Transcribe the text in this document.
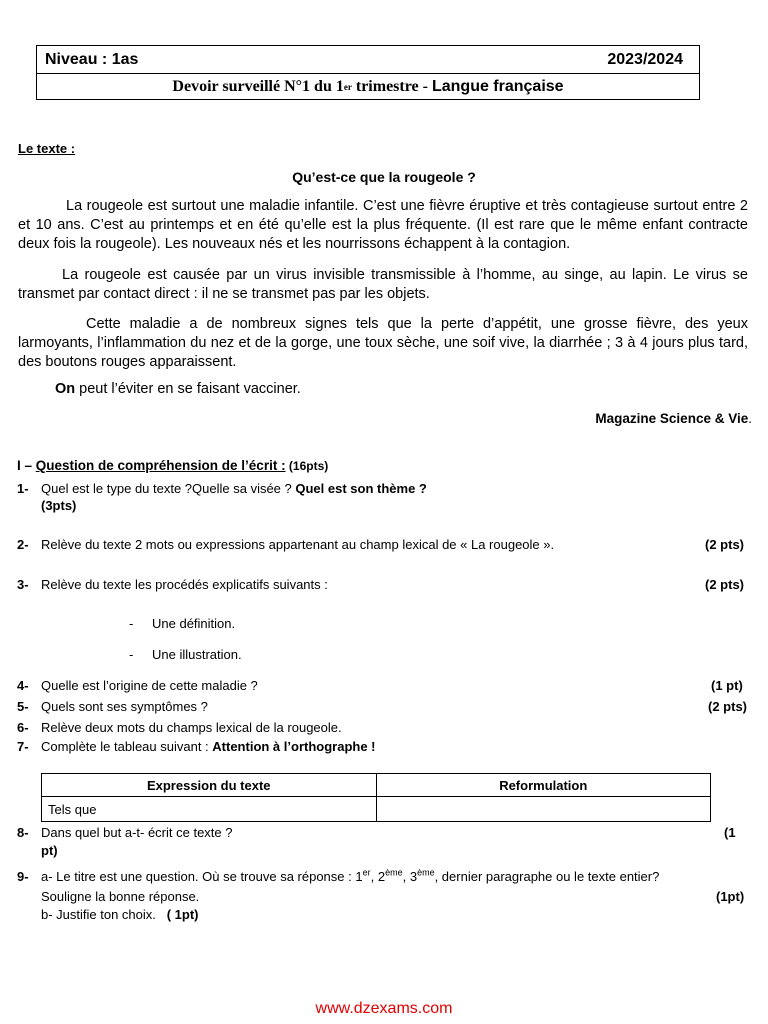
Niveau : 1as	2023/2024
Devoir surveillé N°1 du 1 er trimestre - Langue française
Le texte :
Qu’est-ce que la rougeole ?
La rougeole est surtout une maladie infantile. C’est une fièvre éruptive et très contagieuse surtout entre 2 et 10 ans. C’est au printemps et en été qu’elle est la plus fréquente. (Il est rare que le même enfant contracte deux fois la rougeole). Les nouveaux nés et les nourrissons échappent à la contagion.
La rougeole est causée par un virus invisible transmissible à l’homme, au singe, au lapin. Le virus se transmet par contact direct : il ne se transmet pas par les objets.
Cette maladie a de nombreux signes tels que la perte d’appétit, une grosse fièvre, des yeux larmoyants, l’inflammation du nez et de la gorge, une toux sèche, une soif vive, la diarrhée ; 3 à 4 jours plus tard, des boutons rouges apparaissent.
On peut l’éviter en se faisant vacciner.
Magazine Science & Vie.
I – Question de compréhension de l’écrit : (16pts)
1- Quel est le type du texte ?Quelle sa visée ? Quel est son thème ?
(3pts)
2- Relève du texte 2 mots ou expressions appartenant au champ lexical de « La rougeole ».	(2 pts)
3- Relève du texte les procédés explicatifs suivants :	(2 pts)
- Une définition.
- Une illustration.
4- Quelle est l’origine de cette maladie ?	(1 pt)
5- Quels sont ses symptômes ?	(2 pts)
6- Relève deux mots du champs lexical de la rougeole.
7- Complète le tableau suivant : Attention à l’orthographe !
Expression du texte	Reformulation
Tels que	
8- Dans quel but a-t- écrit ce texte ?	(1
pt)
9- a- Le titre est une question. Où se trouve sa réponse : 1er, 2ème, 3ème, dernier paragraphe ou le texte entier?
Souligne la bonne réponse.	(1pt)
b- Justifie ton choix. ( 1pt)
www.dzexams.com
